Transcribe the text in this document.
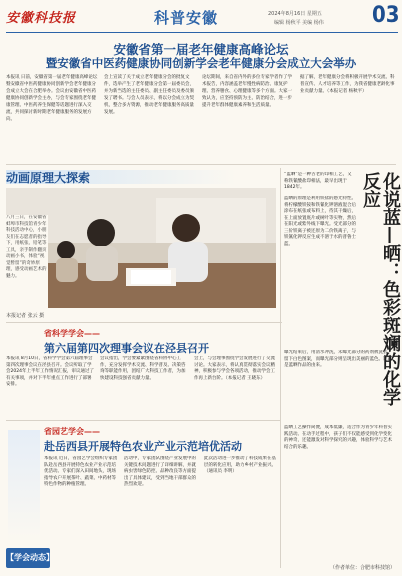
安徽科技报	科普安徽	2024年8月16日 星期五
编辑 杨秋平 美编 杨伟 03
安徽省第一届老年健康高峰论坛
暨安徽省中医药健康协同创新学会老年健康分会成立大会举办
本报讯 日前，安徽省第一届老年健康高峰论坛暨安徽省中医药健康协同创新学会老年健康分会成立大会在合肥举办。会议由安徽省中医药健康协同创新学会主办，与会专家围绕老年健康管理、中医药养生保健等话题进行深入交流，共同探讨新时期老年健康服务的发展方向。
会上宣读了关于成立老年健康分会的批复文件，选举产生了老年健康分会第一届委员会，并为新当选的主任委员、副主任委员及委员颁发了聘书。与会人员表示，将以分会成立为契机，整合多方资源，推动老年健康服务高质量发展。
论坛期间，来自省内外的多位专家学者作了学术报告，内容涵盖老年慢性病防治、康复护理、营养膳食、心理健康等多个方面。大家一致认为，应坚持预防为主、防治结合，进一步提升老年群体健康素养和生活质量。
据了解，老年健康分会将积极开展学术交流、科普宣传、人才培养等工作，为我省健康老龄化事业贡献力量。（本报记者 杨秋平）
动画原理大探索
八月三日，在安徽省蚌埠市科技馆青少年科技活动中心，小朋友们在志愿者的指导下，用纸张、铅笔等工具，亲手制作翻页动画小书，体验“视觉暂留”的奇妙原理，感受动画艺术的魅力。
本报记者 张云 摄	化说蓝—晒：色彩斑斓的化学反应
“蓝晒”是一种古老的印相工艺，又称铁氰酸盐印相法，最早出现于1842年。
蓝晒的原理是利用铁盐的感光特性。将柠檬酸铁铵和铁氰化钾溶液混合后涂布在纸张或布料上，待其干燥后，在上面放置底片或树叶等实物，然后在阳光或紫外线下曝光。受光部分的三价铁离子被还原为二价铁离子，与铁氰化钾反应生成不溶于水的普鲁士蓝。
曝光结束后，用清水冲洗，未曝光部分的药剂被洗去，留下白色图案，而曝光部分则呈现出美丽的蓝色。这就是蓝晒作品的由来。
蓝晒工艺操作简便，成本低廉，适合作为青少年科普实践活动。在动手过程中，孩子们不仅能感受到化学变化的神奇，还能激发对科学探究的兴趣，体验科学与艺术结合的乐趣。
（作者单位：合肥市科技馆）
省科学学会——
第六届第四次理事会议在泾县召开
本报讯 8月10日，省科学学会第六届理事会第四次理事会议在泾县召开。会议听取了学会2024年上半年工作情况汇报，审议通过了有关事项，并对下半年重点工作进行了部署安排。
会议指出，学会要紧紧围绕省科协中心工作，充分发挥学术交流、科学普及、决策咨询等职能作用，团结广大科技工作者，为加快建设科技强省贡献力量。
会上，与会理事围绕学会发展进行了交流讨论。大家表示，将认真贯彻落实会议精神，积极参与学会各项活动，推动学会工作再上新台阶。（本报记者 王晓东）
省园艺学会——
赴岳西县开展特色农业产业示范培优活动
本报讯 近日，省园艺学会组织专家团队赴岳西县开展特色农业产业示范培优活动。专家们深入田间地头，现场指导农户开展茶叶、蔬菜、中药材等特色作物的种植管理。
活动中，专家团队围绕产业发展中的关键技术问题进行了详细讲解，并就病虫害绿色防控、品种改良等方面提出了具体建议，受到当地干部群众的热烈欢迎。
此次活动进一步推动了科技成果在基层的转化应用，助力乡村产业振兴。（通讯员 李明）
【学会动态】
